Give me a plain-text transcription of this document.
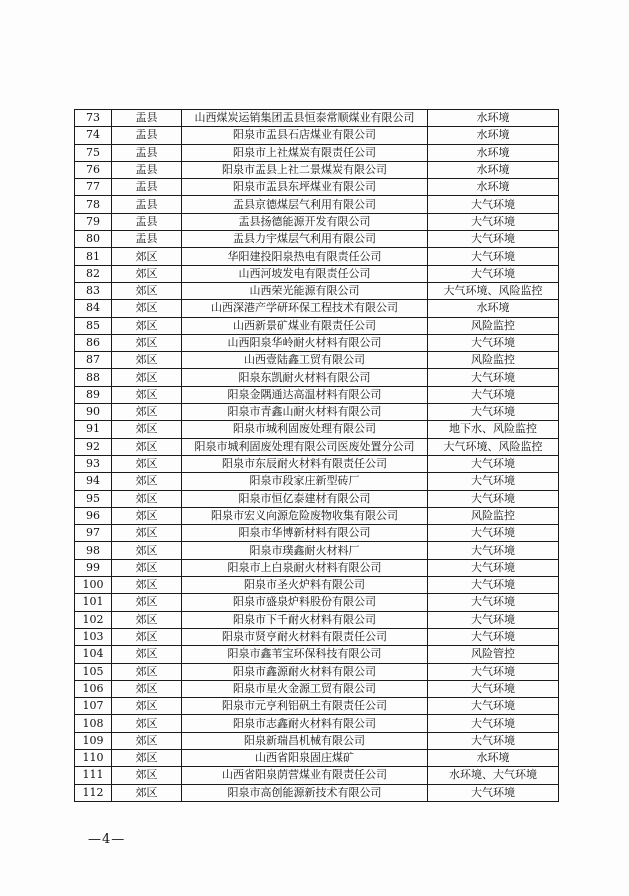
73	盂县	山西煤炭运销集团盂县恒泰常顺煤业有限公司	水环境
74	盂县	阳泉市盂县石店煤业有限公司	水环境
75	盂县	阳泉市上社煤炭有限责任公司	水环境
76	盂县	阳泉市盂县上社二景煤炭有限公司	水环境
77	盂县	阳泉市盂县东坪煤业有限公司	水环境
78	盂县	盂县京德煤层气利用有限公司	大气环境
79	盂县	盂县扬德能源开发有限公司	大气环境
80	盂县	盂县力宇煤层气利用有限公司	大气环境
81	郊区	华阳建投阳泉热电有限责任公司	大气环境
82	郊区	山西河坡发电有限责任公司	大气环境
83	郊区	山西荣光能源有限公司	大气环境、风险监控
84	郊区	山西深港产学研环保工程技术有限公司	水环境
85	郊区	山西新景矿煤业有限责任公司	风险监控
86	郊区	山西阳泉华岭耐火材料有限公司	大气环境
87	郊区	山西壹陆鑫工贸有限公司	风险监控
88	郊区	阳泉东凯耐火材料有限公司	大气环境
89	郊区	阳泉金隅通达高温材料有限公司	大气环境
90	郊区	阳泉市青鑫山耐火材料有限公司	大气环境
91	郊区	阳泉市城利固废处理有限公司	地下水、风险监控
92	郊区	阳泉市城利固废处理有限公司医废处置分公司	大气环境、风险监控
93	郊区	阳泉市东辰耐火材料有限责任公司	大气环境
94	郊区	阳泉市段家庄新型砖厂	大气环境
95	郊区	阳泉市恒亿泰建材有限公司	大气环境
96	郊区	阳泉市宏义向源危险废物收集有限公司	风险监控
97	郊区	阳泉市华博新材料有限公司	大气环境
98	郊区	阳泉市璞鑫耐火材料厂	大气环境
99	郊区	阳泉市上白泉耐火材料有限公司	大气环境
100	郊区	阳泉市圣火炉料有限公司	大气环境
101	郊区	阳泉市盛泉炉料股份有限公司	大气环境
102	郊区	阳泉市下千耐火材料有限公司	大气环境
103	郊区	阳泉市贤亨耐火材料有限责任公司	大气环境
104	郊区	阳泉市鑫苇宝环保科技有限公司	风险管控
105	郊区	阳泉市鑫源耐火材料有限公司	大气环境
106	郊区	阳泉市星火金源工贸有限公司	大气环境
107	郊区	阳泉市元亨利铝矾土有限责任公司	大气环境
108	郊区	阳泉市志鑫耐火材料有限公司	大气环境
109	郊区	阳泉新瑞昌机械有限公司	大气环境
110	郊区	山西省阳泉固庄煤矿	水环境
111	郊区	山西省阳泉荫营煤业有限责任公司	水环境、大气环境
112	郊区	阳泉市高创能源新技术有限公司	大气环境
—4—
